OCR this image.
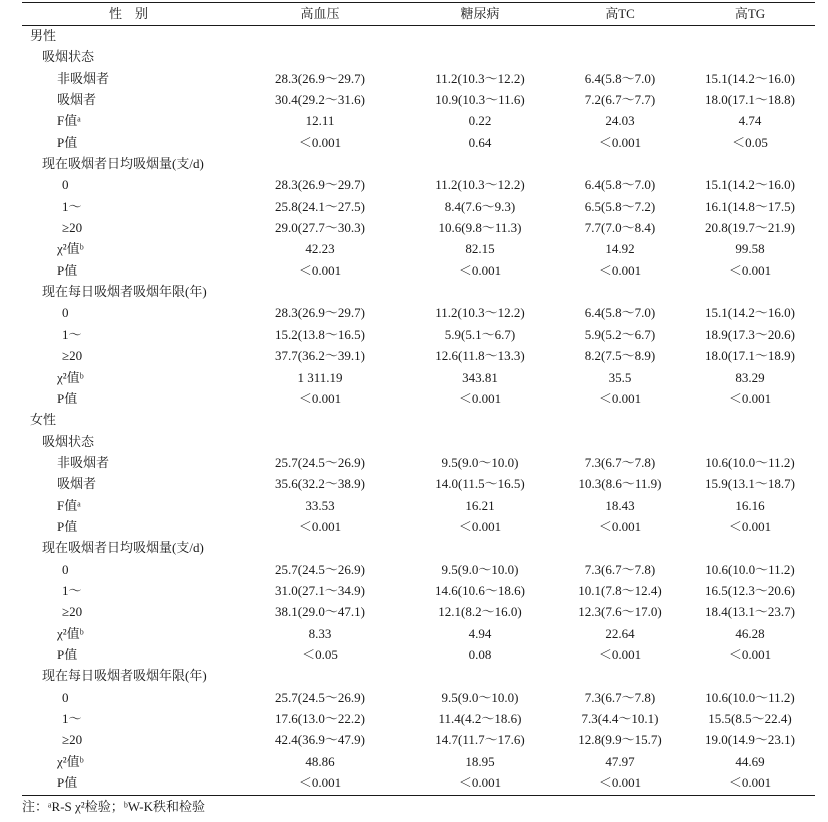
性　别	高血压	糖尿病	高TC	高TG
男性				
吸烟状态				
非吸烟者	28.3(26.9～29.7)	11.2(10.3～12.2)	6.4(5.8～7.0)	15.1(14.2～16.0)
吸烟者	30.4(29.2～31.6)	10.9(10.3～11.6)	7.2(6.7～7.7)	18.0(17.1～18.8)
F值ᵃ	12.11	0.22	24.03	4.74
P值	＜0.001	0.64	＜0.001	＜0.05
现在吸烟者日均吸烟量(支/d)				
0	28.3(26.9～29.7)	11.2(10.3～12.2)	6.4(5.8～7.0)	15.1(14.2～16.0)
1～	25.8(24.1～27.5)	8.4(7.6～9.3)	6.5(5.8～7.2)	16.1(14.8～17.5)
≥20	29.0(27.7～30.3)	10.6(9.8～11.3)	7.7(7.0～8.4)	20.8(19.7～21.9)
χ²值ᵇ	42.23	82.15	14.92	99.58
P值	＜0.001	＜0.001	＜0.001	＜0.001
现在每日吸烟者吸烟年限(年)				
0	28.3(26.9～29.7)	11.2(10.3～12.2)	6.4(5.8～7.0)	15.1(14.2～16.0)
1～	15.2(13.8～16.5)	5.9(5.1～6.7)	5.9(5.2～6.7)	18.9(17.3～20.6)
≥20	37.7(36.2～39.1)	12.6(11.8～13.3)	8.2(7.5～8.9)	18.0(17.1～18.9)
χ²值ᵇ	1 311.19	343.81	35.5	83.29
P值	＜0.001	＜0.001	＜0.001	＜0.001
女性				
吸烟状态				
非吸烟者	25.7(24.5～26.9)	9.5(9.0～10.0)	7.3(6.7～7.8)	10.6(10.0～11.2)
吸烟者	35.6(32.2～38.9)	14.0(11.5～16.5)	10.3(8.6～11.9)	15.9(13.1～18.7)
F值ᵃ	33.53	16.21	18.43	16.16
P值	＜0.001	＜0.001	＜0.001	＜0.001
现在吸烟者日均吸烟量(支/d)				
0	25.7(24.5～26.9)	9.5(9.0～10.0)	7.3(6.7～7.8)	10.6(10.0～11.2)
1～	31.0(27.1～34.9)	14.6(10.6～18.6)	10.1(7.8～12.4)	16.5(12.3～20.6)
≥20	38.1(29.0～47.1)	12.1(8.2～16.0)	12.3(7.6～17.0)	18.4(13.1～23.7)
χ²值ᵇ	8.33	4.94	22.64	46.28
P值	＜0.05	0.08	＜0.001	＜0.001
现在每日吸烟者吸烟年限(年)				
0	25.7(24.5～26.9)	9.5(9.0～10.0)	7.3(6.7～7.8)	10.6(10.0～11.2)
1～	17.6(13.0～22.2)	11.4(4.2～18.6)	7.3(4.4～10.1)	15.5(8.5～22.4)
≥20	42.4(36.9～47.9)	14.7(11.7～17.6)	12.8(9.9～15.7)	19.0(14.9～23.1)
χ²值ᵇ	48.86	18.95	47.97	44.69
P值	＜0.001	＜0.001	＜0.001	＜0.001
注：ᵃR-S χ²检验；ᵇW-K秩和检验
